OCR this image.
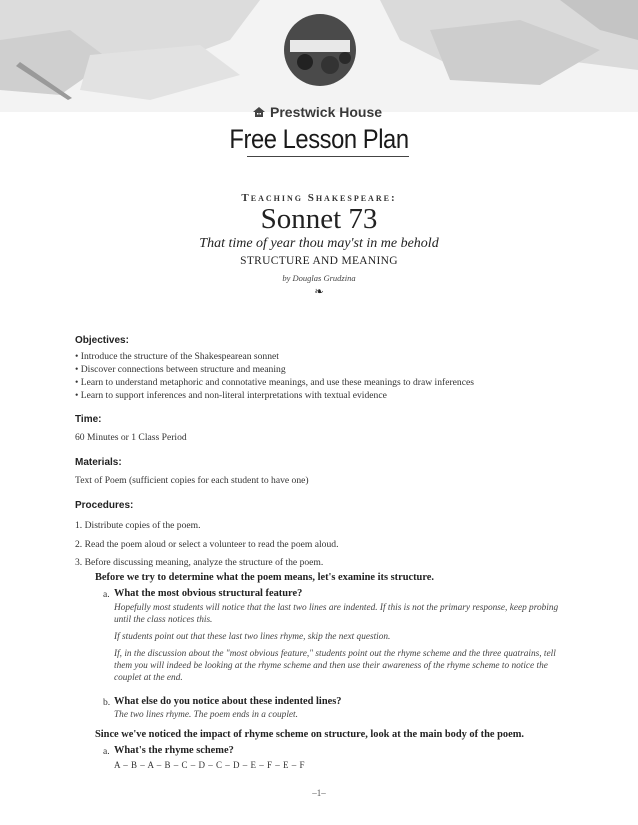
Prestwick House
Free Lesson Plan
Teaching Shakespeare:
Sonnet 73
That time of year thou may'st in me behold
STRUCTURE AND MEANING
by Douglas Grudzina
❧
Objectives:
• Introduce the structure of the Shakespearean sonnet
• Discover connections between structure and meaning
• Learn to understand metaphoric and connotative meanings, and use these meanings to draw inferences
• Learn to support inferences and non-literal interpretations with textual evidence
Time:
60 Minutes or 1 Class Period
Materials:
Text of Poem (sufficient copies for each student to have one)
Procedures:
1. Distribute copies of the poem.
2. Read the poem aloud or select a volunteer to read the poem aloud.
3. Before discussing meaning, analyze the structure of the poem.
Before we try to determine what the poem means, let's examine its structure.
a. What the most obvious structural feature?
Hopefully most students will notice that the last two lines are indented. If this is not the primary response, keep probing
until the class notices this.
If students point out that these last two lines rhyme, skip the next question.
If, in the discussion about the "most obvious feature," students point out the rhyme scheme and the three quatrains, tell
them you will indeed be looking at the rhyme scheme and then use their awareness of the rhyme scheme to notice the
couplet at the end.
b. What else do you notice about these indented lines?
The two lines rhyme. The poem ends in a couplet.
Since we've noticed the impact of rhyme scheme on structure, look at the main body of the poem.
a. What's the rhyme scheme?
A – B – A – B – C – D – C – D – E – F – E – F
–1–
